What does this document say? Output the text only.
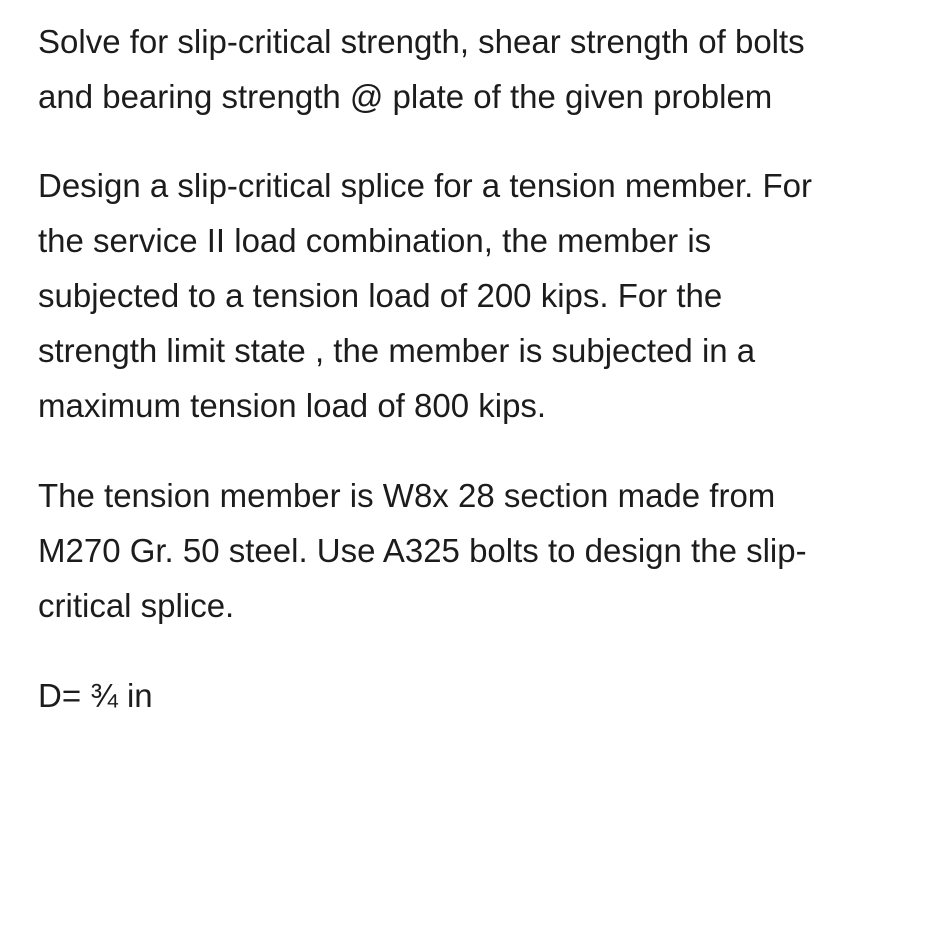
Solve for slip-critical strength, shear strength of bolts
and bearing strength @ plate of the given problem
Design a slip-critical splice for a tension member. For
the service II load combination, the member is
subjected to a tension load of 200 kips. For the
strength limit state , the member is subjected in a
maximum tension load of 800 kips.
The tension member is W8x 28 section made from
M270 Gr. 50 steel. Use A325 bolts to design the slip-
critical splice.
D= ¾ in
